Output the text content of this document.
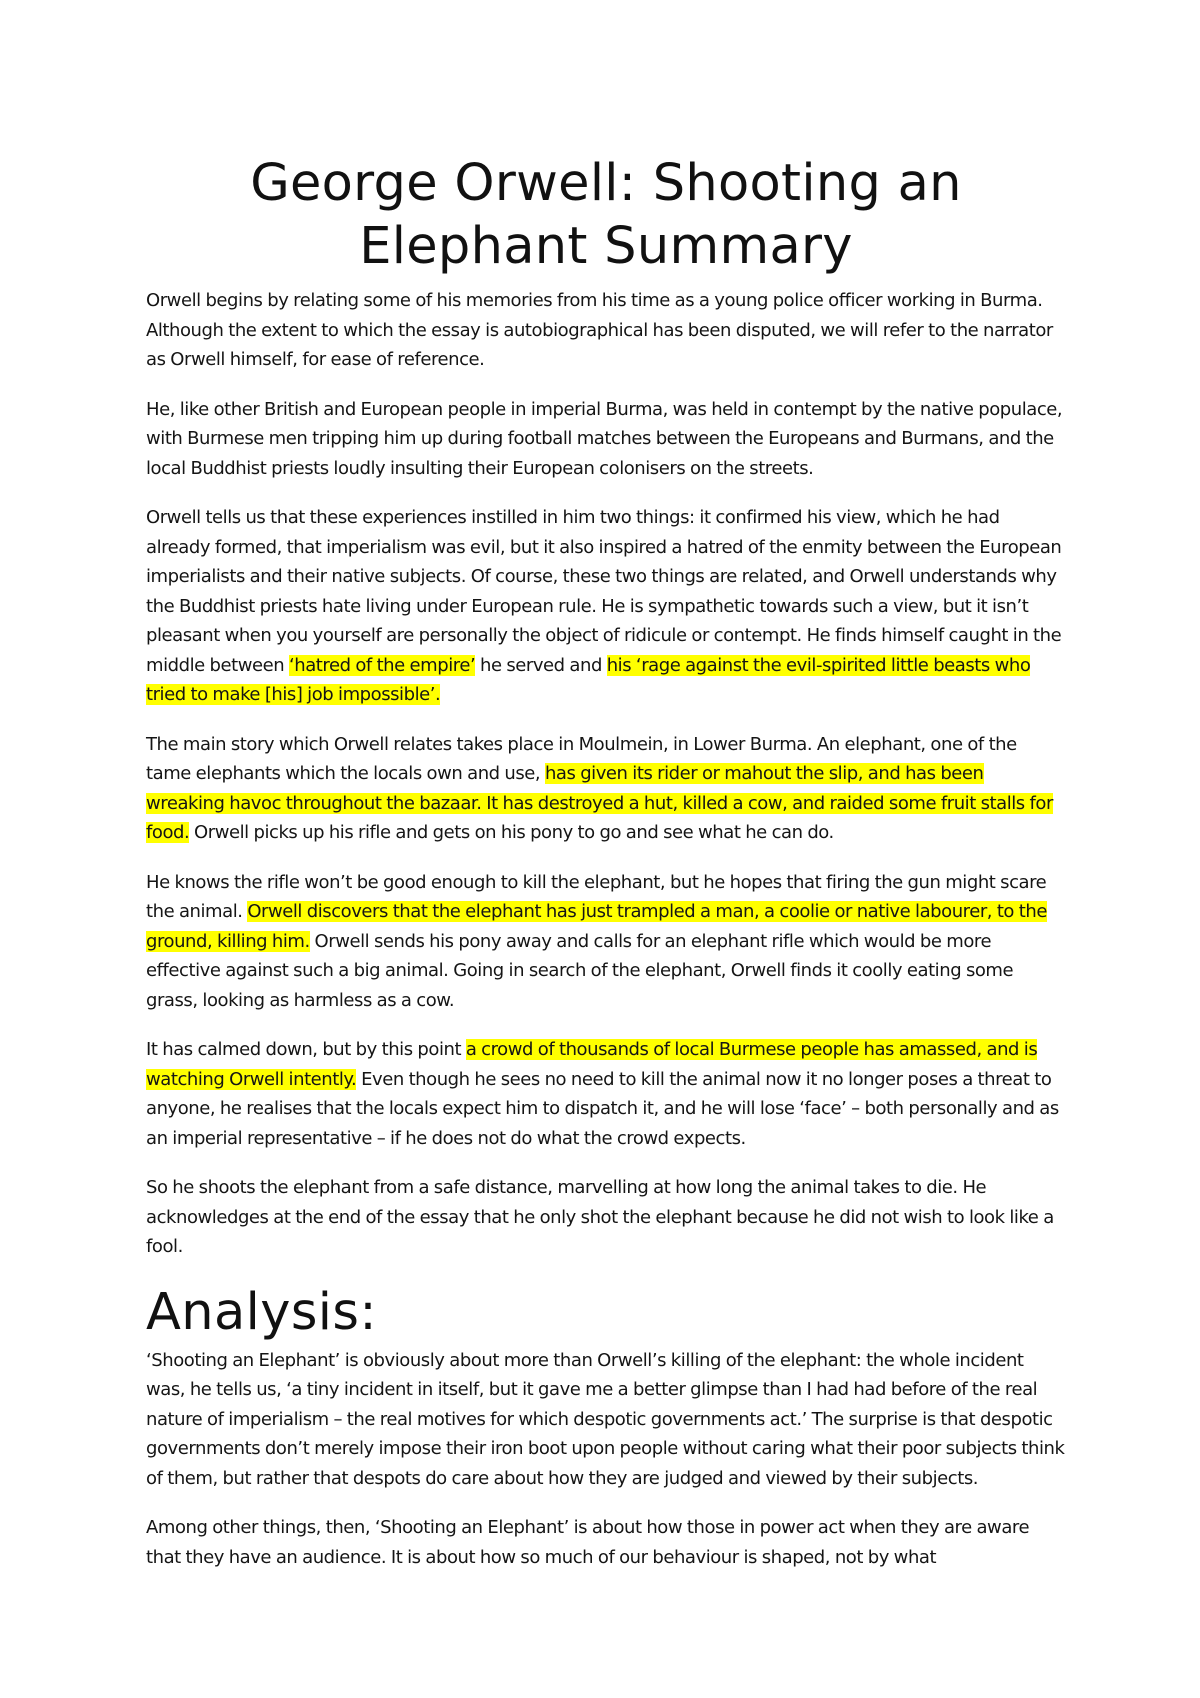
George Orwell: Shooting an Elephant Summary

Orwell begins by relating some of his memories from his time as a young police officer working in Burma. Although the extent to which the essay is autobiographical has been disputed, we will refer to the narrator as Orwell himself, for ease of reference.

He, like other British and European people in imperial Burma, was held in contempt by the native populace, with Burmese men tripping him up during football matches between the Europeans and Burmans, and the local Buddhist priests loudly insulting their European colonisers on the streets.

Orwell tells us that these experiences instilled in him two things: it confirmed his view, which he had already formed, that imperialism was evil, but it also inspired a hatred of the enmity between the European imperialists and their native subjects. Of course, these two things are related, and Orwell understands why the Buddhist priests hate living under European rule. He is sympathetic towards such a view, but it isn’t pleasant when you yourself are personally the object of ridicule or contempt. He finds himself caught in the middle between ‘hatred of the empire’ he served and his ‘rage against the evil-spirited little beasts who tried to make [his] job impossible’.

The main story which Orwell relates takes place in Moulmein, in Lower Burma. An elephant, one of the tame elephants which the locals own and use, has given its rider or mahout the slip, and has been wreaking havoc throughout the bazaar. It has destroyed a hut, killed a cow, and raided some fruit stalls for food. Orwell picks up his rifle and gets on his pony to go and see what he can do.

He knows the rifle won’t be good enough to kill the elephant, but he hopes that firing the gun might scare the animal. Orwell discovers that the elephant has just trampled a man, a coolie or native labourer, to the ground, killing him. Orwell sends his pony away and calls for an elephant rifle which would be more effective against such a big animal. Going in search of the elephant, Orwell finds it coolly eating some grass, looking as harmless as a cow.

It has calmed down, but by this point a crowd of thousands of local Burmese people has amassed, and is watching Orwell intently. Even though he sees no need to kill the animal now it no longer poses a threat to anyone, he realises that the locals expect him to dispatch it, and he will lose ‘face’ – both personally and as an imperial representative – if he does not do what the crowd expects.

So he shoots the elephant from a safe distance, marvelling at how long the animal takes to die. He acknowledges at the end of the essay that he only shot the elephant because he did not wish to look like a fool.

Analysis:

‘Shooting an Elephant’ is obviously about more than Orwell’s killing of the elephant: the whole incident was, he tells us, ‘a tiny incident in itself, but it gave me a better glimpse than I had had before of the real nature of imperialism – the real motives for which despotic governments act.’ The surprise is that despotic governments don’t merely impose their iron boot upon people without caring what their poor subjects think of them, but rather that despots do care about how they are judged and viewed by their subjects.

Among other things, then, ‘Shooting an Elephant’ is about how those in power act when they are aware that they have an audience. It is about how so much of our behaviour is shaped, not by what
